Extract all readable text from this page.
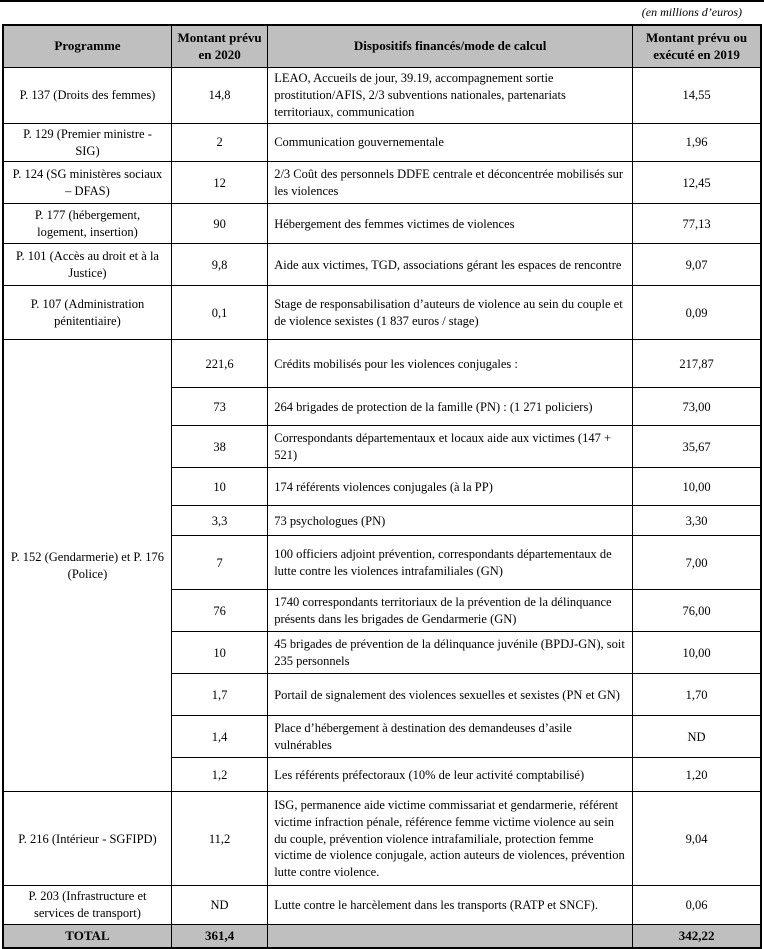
(en millions d’euros)
Programme	Montant prévu en 2020	Dispositifs financés/mode de calcul	Montant prévu ou exécuté en 2019
P. 137 (Droits des femmes)	14,8	LEAO, Accueils de jour, 39.19, accompagnement sortie prostitution/AFIS, 2/3 subventions nationales, partenariats territoriaux, communication	14,55
P. 129 (Premier ministre - SIG)	2	Communication gouvernementale	1,96
P. 124 (SG ministères sociaux – DFAS)	12	2/3 Coût des personnels DDFE centrale et déconcentrée mobilisés sur les violences	12,45
P. 177 (hébergement, logement, insertion)	90	Hébergement des femmes victimes de violences	77,13
P. 101 (Accès au droit et à la Justice)	9,8	Aide aux victimes, TGD, associations gérant les espaces de rencontre	9,07
P. 107 (Administration pénitentiaire)	0,1	Stage de responsabilisation d’auteurs de violence au sein du couple et de violence sexistes (1 837 euros / stage)	0,09
P. 152 (Gendarmerie) et P. 176 (Police)	221,6	Crédits mobilisés pour les violences conjugales :	217,87
	73	264 brigades de protection de la famille (PN) : (1 271 policiers)	73,00
	38	Correspondants départementaux et locaux aide aux victimes (147 + 521)	35,67
	10	174 référents violences conjugales (à la PP)	10,00
	3,3	73 psychologues (PN)	3,30
	7	100 officiers adjoint prévention, correspondants départementaux de lutte contre les violences intrafamiliales (GN)	7,00
	76	1740 correspondants territoriaux de la prévention de la délinquance présents dans les brigades de Gendarmerie (GN)	76,00
	10	45 brigades de prévention de la délinquance juvénile (BPDJ-GN), soit 235 personnels	10,00
	1,7	Portail de signalement des violences sexuelles et sexistes (PN et GN)	1,70
	1,4	Place d’hébergement à destination des demandeuses d’asile vulnérables	ND
	1,2	Les référents préfectoraux (10% de leur activité comptabilisé)	1,20
P. 216 (Intérieur - SGFIPD)	11,2	ISG, permanence aide victime commissariat et gendarmerie, référent victime infraction pénale, référence femme victime violence au sein du couple, prévention violence intrafamiliale, protection femme victime de violence conjugale, action auteurs de violences, prévention lutte contre violence.	9,04
P. 203 (Infrastructure et services de transport)	ND	Lutte contre le harcèlement dans les transports (RATP et SNCF).	0,06
TOTAL	361,4		342,22
